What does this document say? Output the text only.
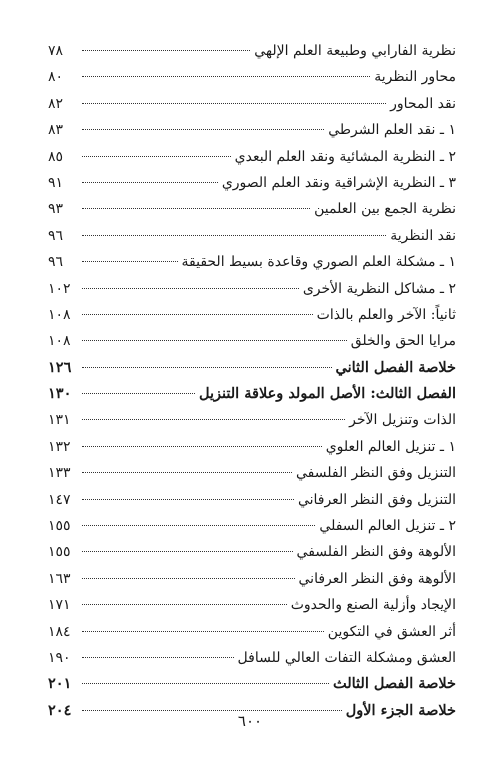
نظرية الفارابي وطبيعة العلم الإلهي
٧٨
محاور النظرية
٨٠
نقد المحاور
٨٢
١ ـ نقد العلم الشرطي
٨٣
٢ ـ النظرية المشائية ونقد العلم البعدي
٨٥
٣ ـ النظرية الإشراقية ونقد العلم الصوري
٩١
نظرية الجمع بين العلمين
٩٣
نقد النظرية
٩٦
١ ـ مشكلة العلم الصوري وقاعدة بسيط الحقيقة
٩٦
٢ ـ مشاكل النظرية الأخرى
١٠٢
ثانياً: الآخر والعلم بالذات
١٠٨
مرايا الحق والخلق
١٠٨
خلاصة الفصل الثاني
١٢٦
الفصل الثالث: الأصل المولد وعلاقة التنزيل
١٣٠
الذات وتنزيل الآخر
١٣١
١ ـ تنزيل العالم العلوي
١٣٢
التنزيل وفق النظر الفلسفي
١٣٣
التنزيل وفق النظر العرفاني
١٤٧
٢ ـ تنزيل العالم السفلي
١٥٥
الألوهة وفق النظر الفلسفي
١٥٥
الألوهة وفق النظر العرفاني
١٦٣
الإيجاد وأزلية الصنع والحدوث
١٧١
أثر العشق في التكوين
١٨٤
العشق ومشكلة التفات العالي للسافل
١٩٠
خلاصة الفصل الثالث
٢٠١
خلاصة الجزء الأول
٢٠٤
٦٠٠
